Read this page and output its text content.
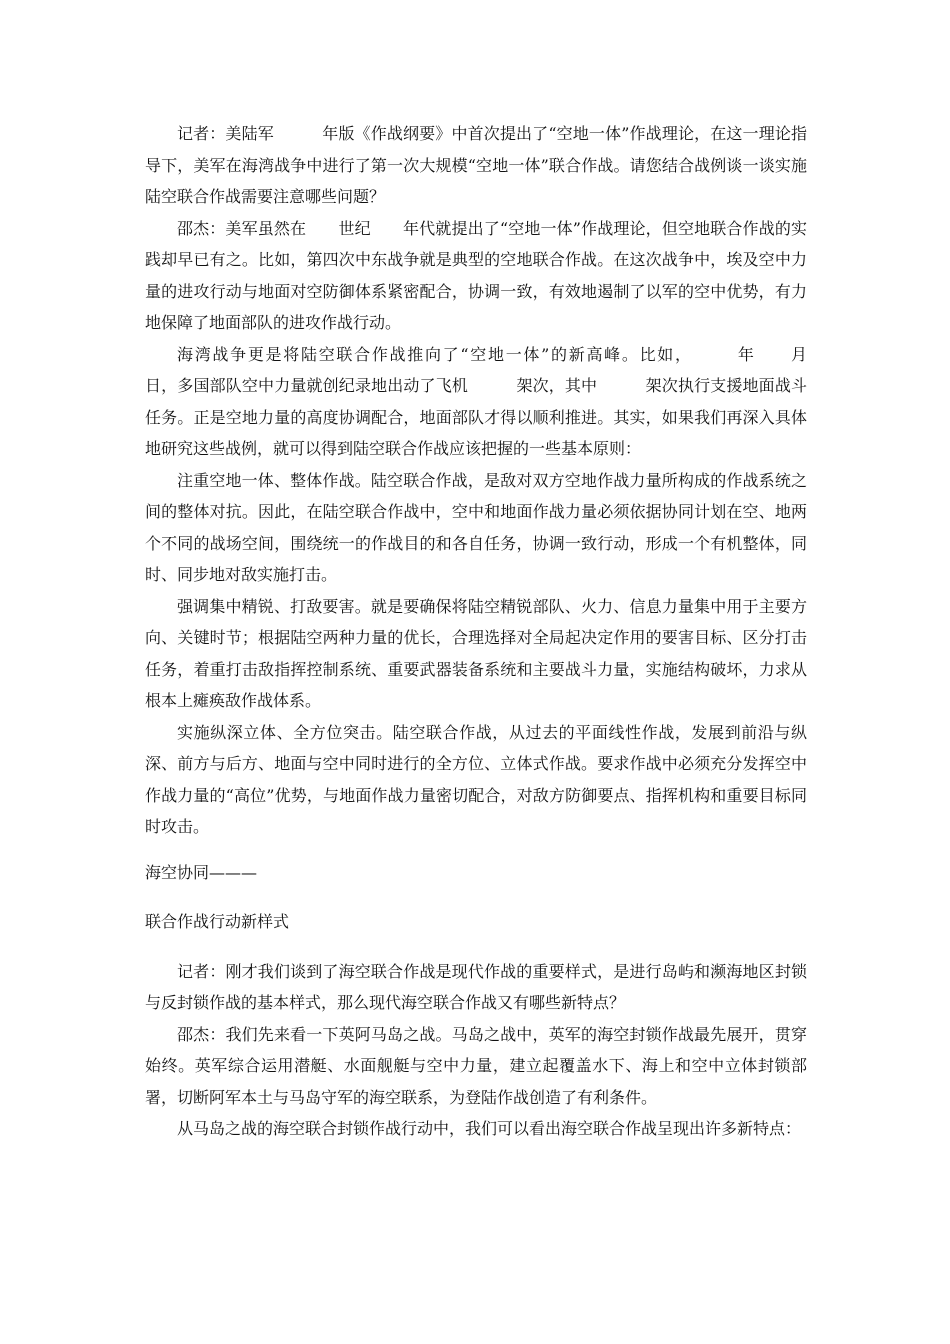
记者：美陆军　　　年版《作战纲要》中首次提出了“空地一体”作战理论，在这一理论指导下，美军在海湾战争中进行了第一次大规模“空地一体”联合作战。请您结合战例谈一谈实施陆空联合作战需要注意哪些问题？

邵杰：美军虽然在　　世纪　　年代就提出了“空地一体”作战理论，但空地联合作战的实践却早已有之。比如，第四次中东战争就是典型的空地联合作战。在这次战争中，埃及空中力量的进攻行动与地面对空防御体系紧密配合，协调一致，有效地遏制了以军的空中优势，有力地保障了地面部队的进攻作战行动。

海湾战争更是将陆空联合作战推向了“空地一体”的新高峰。比如，　　　年　　月　　日，多国部队空中力量就创纪录地出动了飞机　　　架次，其中　　　架次执行支援地面战斗任务。正是空地力量的高度协调配合，地面部队才得以顺利推进。其实，如果我们再深入具体地研究这些战例，就可以得到陆空联合作战应该把握的一些基本原则：

注重空地一体、整体作战。陆空联合作战，是敌对双方空地作战力量所构成的作战系统之间的整体对抗。因此，在陆空联合作战中，空中和地面作战力量必须依据协同计划在空、地两个不同的战场空间，围绕统一的作战目的和各自任务，协调一致行动，形成一个有机整体，同时、同步地对敌实施打击。

强调集中精锐、打敌要害。就是要确保将陆空精锐部队、火力、信息力量集中用于主要方向、关键时节；根据陆空两种力量的优长，合理选择对全局起决定作用的要害目标、区分打击任务，着重打击敌指挥控制系统、重要武器装备系统和主要战斗力量，实施结构破坏，力求从根本上瘫痪敌作战体系。

实施纵深立体、全方位突击。陆空联合作战，从过去的平面线性作战，发展到前沿与纵深、前方与后方、地面与空中同时进行的全方位、立体式作战。要求作战中必须充分发挥空中作战力量的“高位”优势，与地面作战力量密切配合，对敌方防御要点、指挥机构和重要目标同时攻击。

海空协同———

联合作战行动新样式

记者：刚才我们谈到了海空联合作战是现代作战的重要样式，是进行岛屿和濒海地区封锁与反封锁作战的基本样式，那么现代海空联合作战又有哪些新特点？

邵杰：我们先来看一下英阿马岛之战。马岛之战中，英军的海空封锁作战最先展开，贯穿始终。英军综合运用潜艇、水面舰艇与空中力量，建立起覆盖水下、海上和空中立体封锁部署，切断阿军本土与马岛守军的海空联系，为登陆作战创造了有利条件。

从马岛之战的海空联合封锁作战行动中，我们可以看出海空联合作战呈现出许多新特点：
